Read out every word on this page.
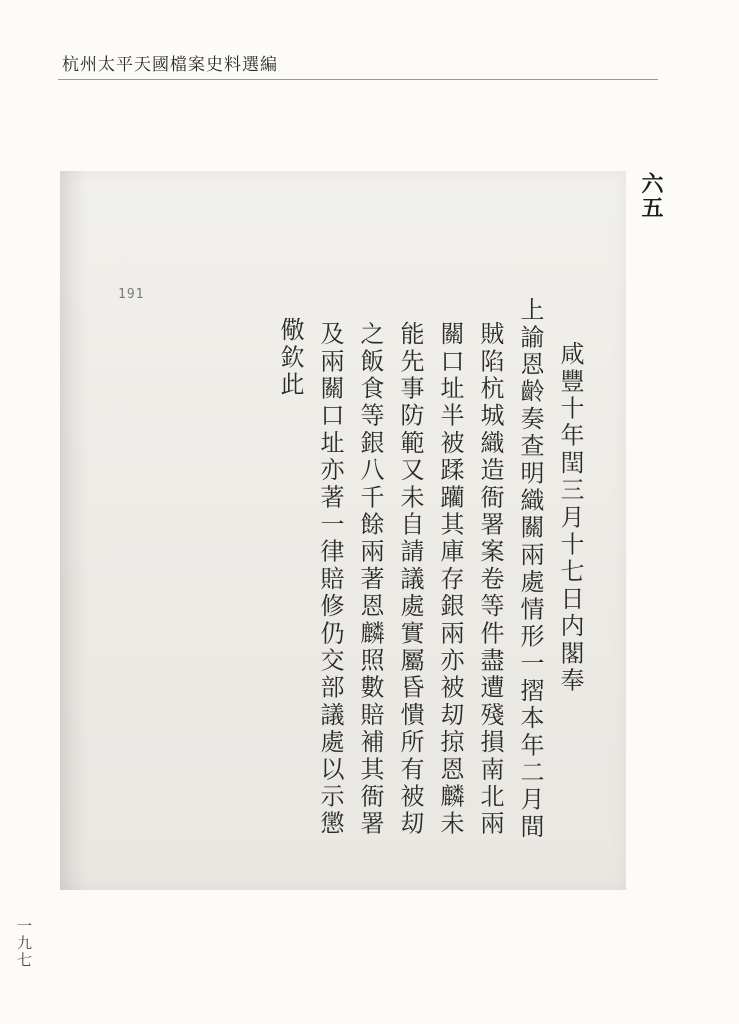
杭州太平天國檔案史料選編
六五
191
咸豐十年閏三月十七日内閣奉
上諭恩齡奏查明織關兩處情形一摺本年二月間
賊陷杭城織造衙署案卷等件盡遭殘損南北兩
關口址半被蹂躪其庫存銀兩亦被刧掠恩麟未
能先事防範又未自請議處實屬昏憒所有被刧
之飯食等銀八千餘兩著恩麟照數賠補其衙署
及兩關口址亦著一律賠修仍交部議處以示懲
儆欽此
一九七
